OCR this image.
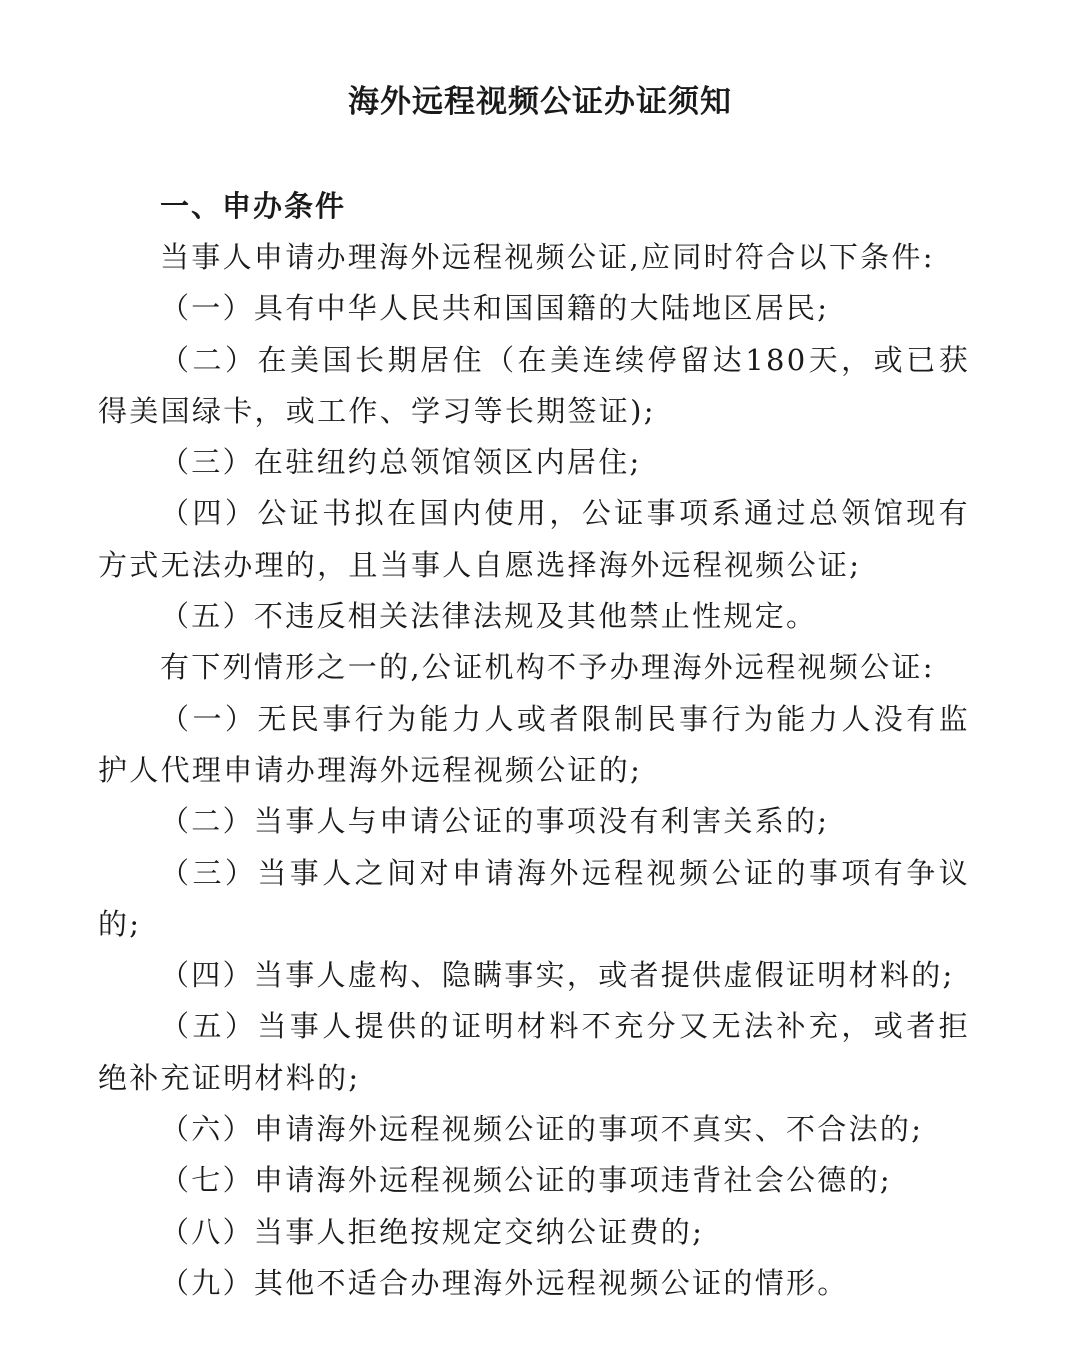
海外远程视频公证办证须知
一、申办条件

当事人申请办理海外远程视频公证,应同时符合以下条件:

（一）具有中华人民共和国国籍的大陆地区居民;

（二）在美国长期居住（在美连续停留达180天，或已获得美国绿卡，或工作、学习等长期签证);

（三）在驻纽约总领馆领区内居住;

（四）公证书拟在国内使用，公证事项系通过总领馆现有方式无法办理的，且当事人自愿选择海外远程视频公证;

（五）不违反相关法律法规及其他禁止性规定。

有下列情形之一的,公证机构不予办理海外远程视频公证:

（一）无民事行为能力人或者限制民事行为能力人没有监护人代理申请办理海外远程视频公证的;

（二）当事人与申请公证的事项没有利害关系的;

（三）当事人之间对申请海外远程视频公证的事项有争议的;

（四）当事人虚构、隐瞒事实，或者提供虚假证明材料的;

（五）当事人提供的证明材料不充分又无法补充，或者拒绝补充证明材料的;

（六）申请海外远程视频公证的事项不真实、不合法的;

（七）申请海外远程视频公证的事项违背社会公德的;

（八）当事人拒绝按规定交纳公证费的;

（九）其他不适合办理海外远程视频公证的情形。
